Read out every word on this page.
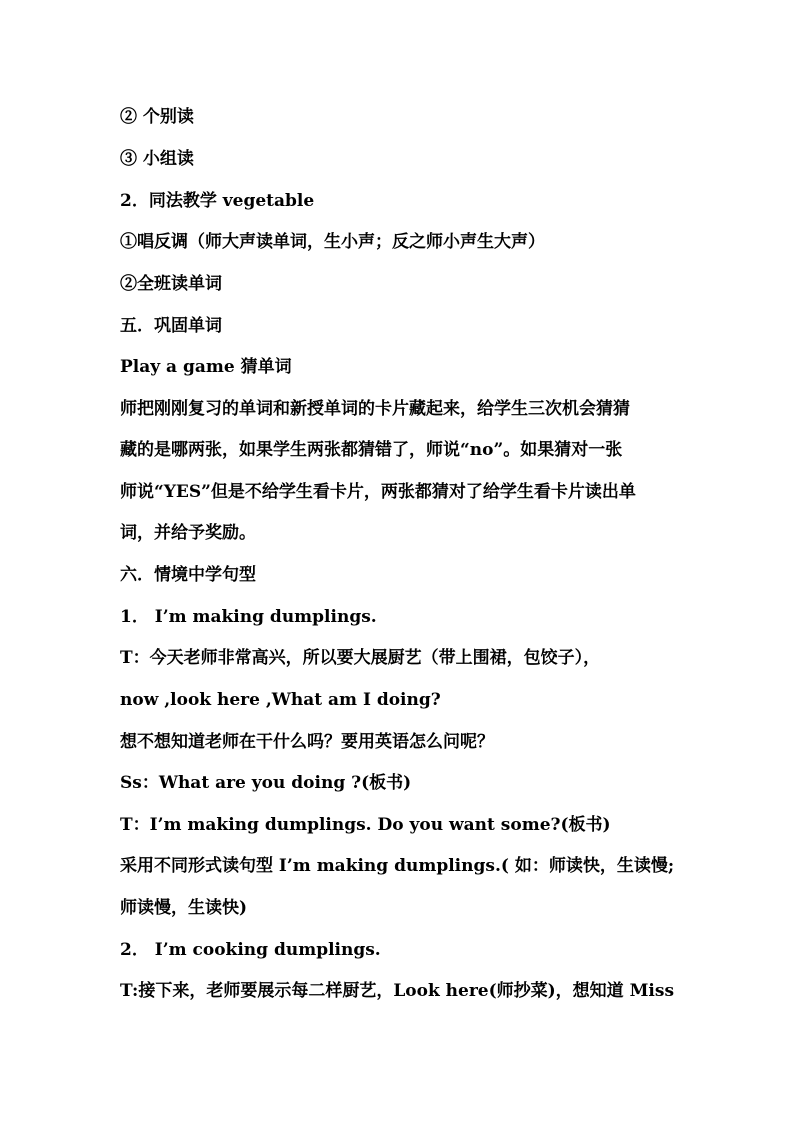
② 个别读
③ 小组读
2．同法教学 vegetable
①唱反调（师大声读单词，生小声；反之师小声生大声）
②全班读单词
五．巩固单词
Play a game 猜单词
师把刚刚复习的单词和新授单词的卡片藏起来，给学生三次机会猜猜
藏的是哪两张，如果学生两张都猜错了，师说“no”。如果猜对一张
师说“YES”但是不给学生看卡片，两张都猜对了给学生看卡片读出单
词，并给予奖励。
六．情境中学句型
1． I’m making dumplings.
T：今天老师非常高兴，所以要大展厨艺（带上围裙，包饺子），
now ,look here ,What am I doing?
想不想知道老师在干什么吗？要用英语怎么问呢？
Ss：What are you doing ?(板书)
T：I’m making dumplings. Do you want some?(板书)
采用不同形式读句型 I’m making dumplings.( 如：师读快，生读慢;
师读慢，生读快)
2． I’m cooking dumplings.
T:接下来，老师要展示每二样厨艺，Look here(师抄菜)，想知道 Miss
